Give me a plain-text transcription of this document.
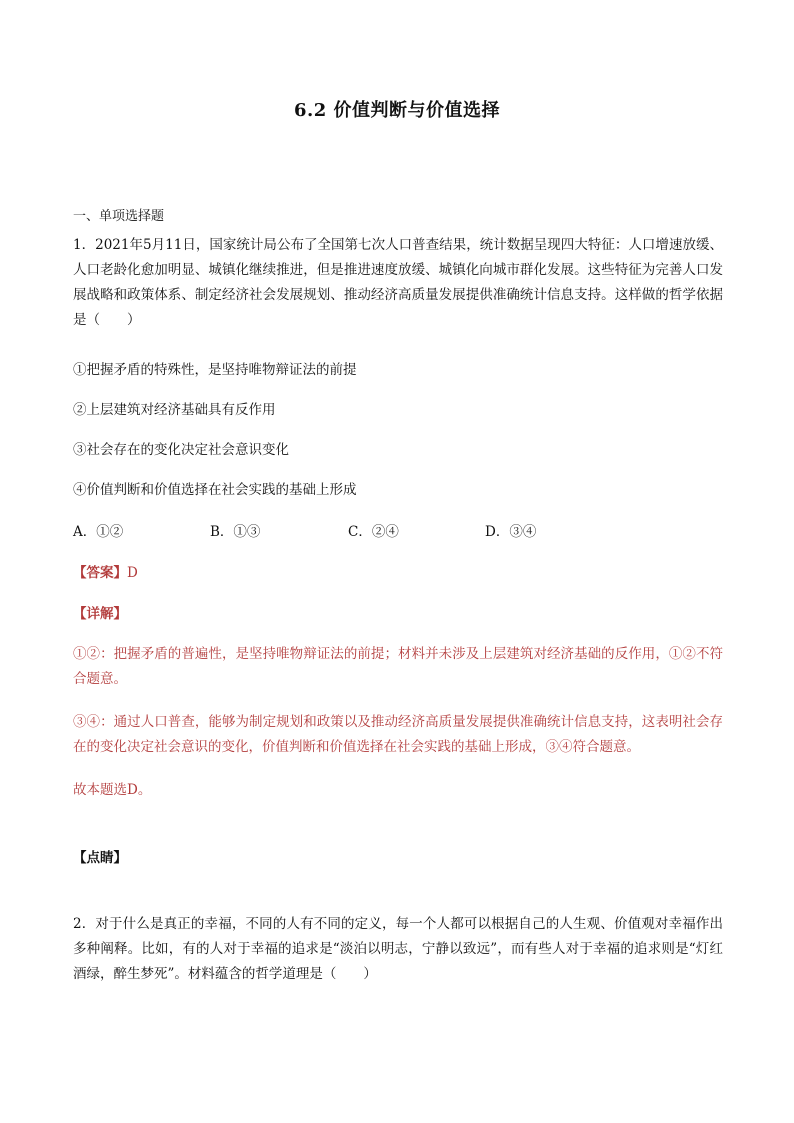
6.2 价值判断与价值选择
一、单项选择题
1．2021年5月11日，国家统计局公布了全国第七次人口普查结果，统计数据呈现四大特征：人口增速放缓、人口老龄化愈加明显、城镇化继续推进，但是推进速度放缓、城镇化向城市群化发展。这些特征为完善人口发展战略和政策体系、制定经济社会发展规划、推动经济高质量发展提供准确统计信息支持。这样做的哲学依据是（　　）
①把握矛盾的特殊性，是坚持唯物辩证法的前提
②上层建筑对经济基础具有反作用
③社会存在的变化决定社会意识变化
④价值判断和价值选择在社会实践的基础上形成
A．①②	B．①③	C．②④	D．③④
【答案】D
【详解】
①②：把握矛盾的普遍性，是坚持唯物辩证法的前提；材料并未涉及上层建筑对经济基础的反作用，①②不符合题意。
③④：通过人口普查，能够为制定规划和政策以及推动经济高质量发展提供准确统计信息支持，这表明社会存在的变化决定社会意识的变化，价值判断和价值选择在社会实践的基础上形成，③④符合题意。
故本题选D。
【点睛】
2．对于什么是真正的幸福，不同的人有不同的定义，每一个人都可以根据自己的人生观、价值观对幸福作出多种阐释。比如，有的人对于幸福的追求是“淡泊以明志，宁静以致远”，而有些人对于幸福的追求则是“灯红酒绿，醉生梦死”。材料蕴含的哲学道理是（　　）
